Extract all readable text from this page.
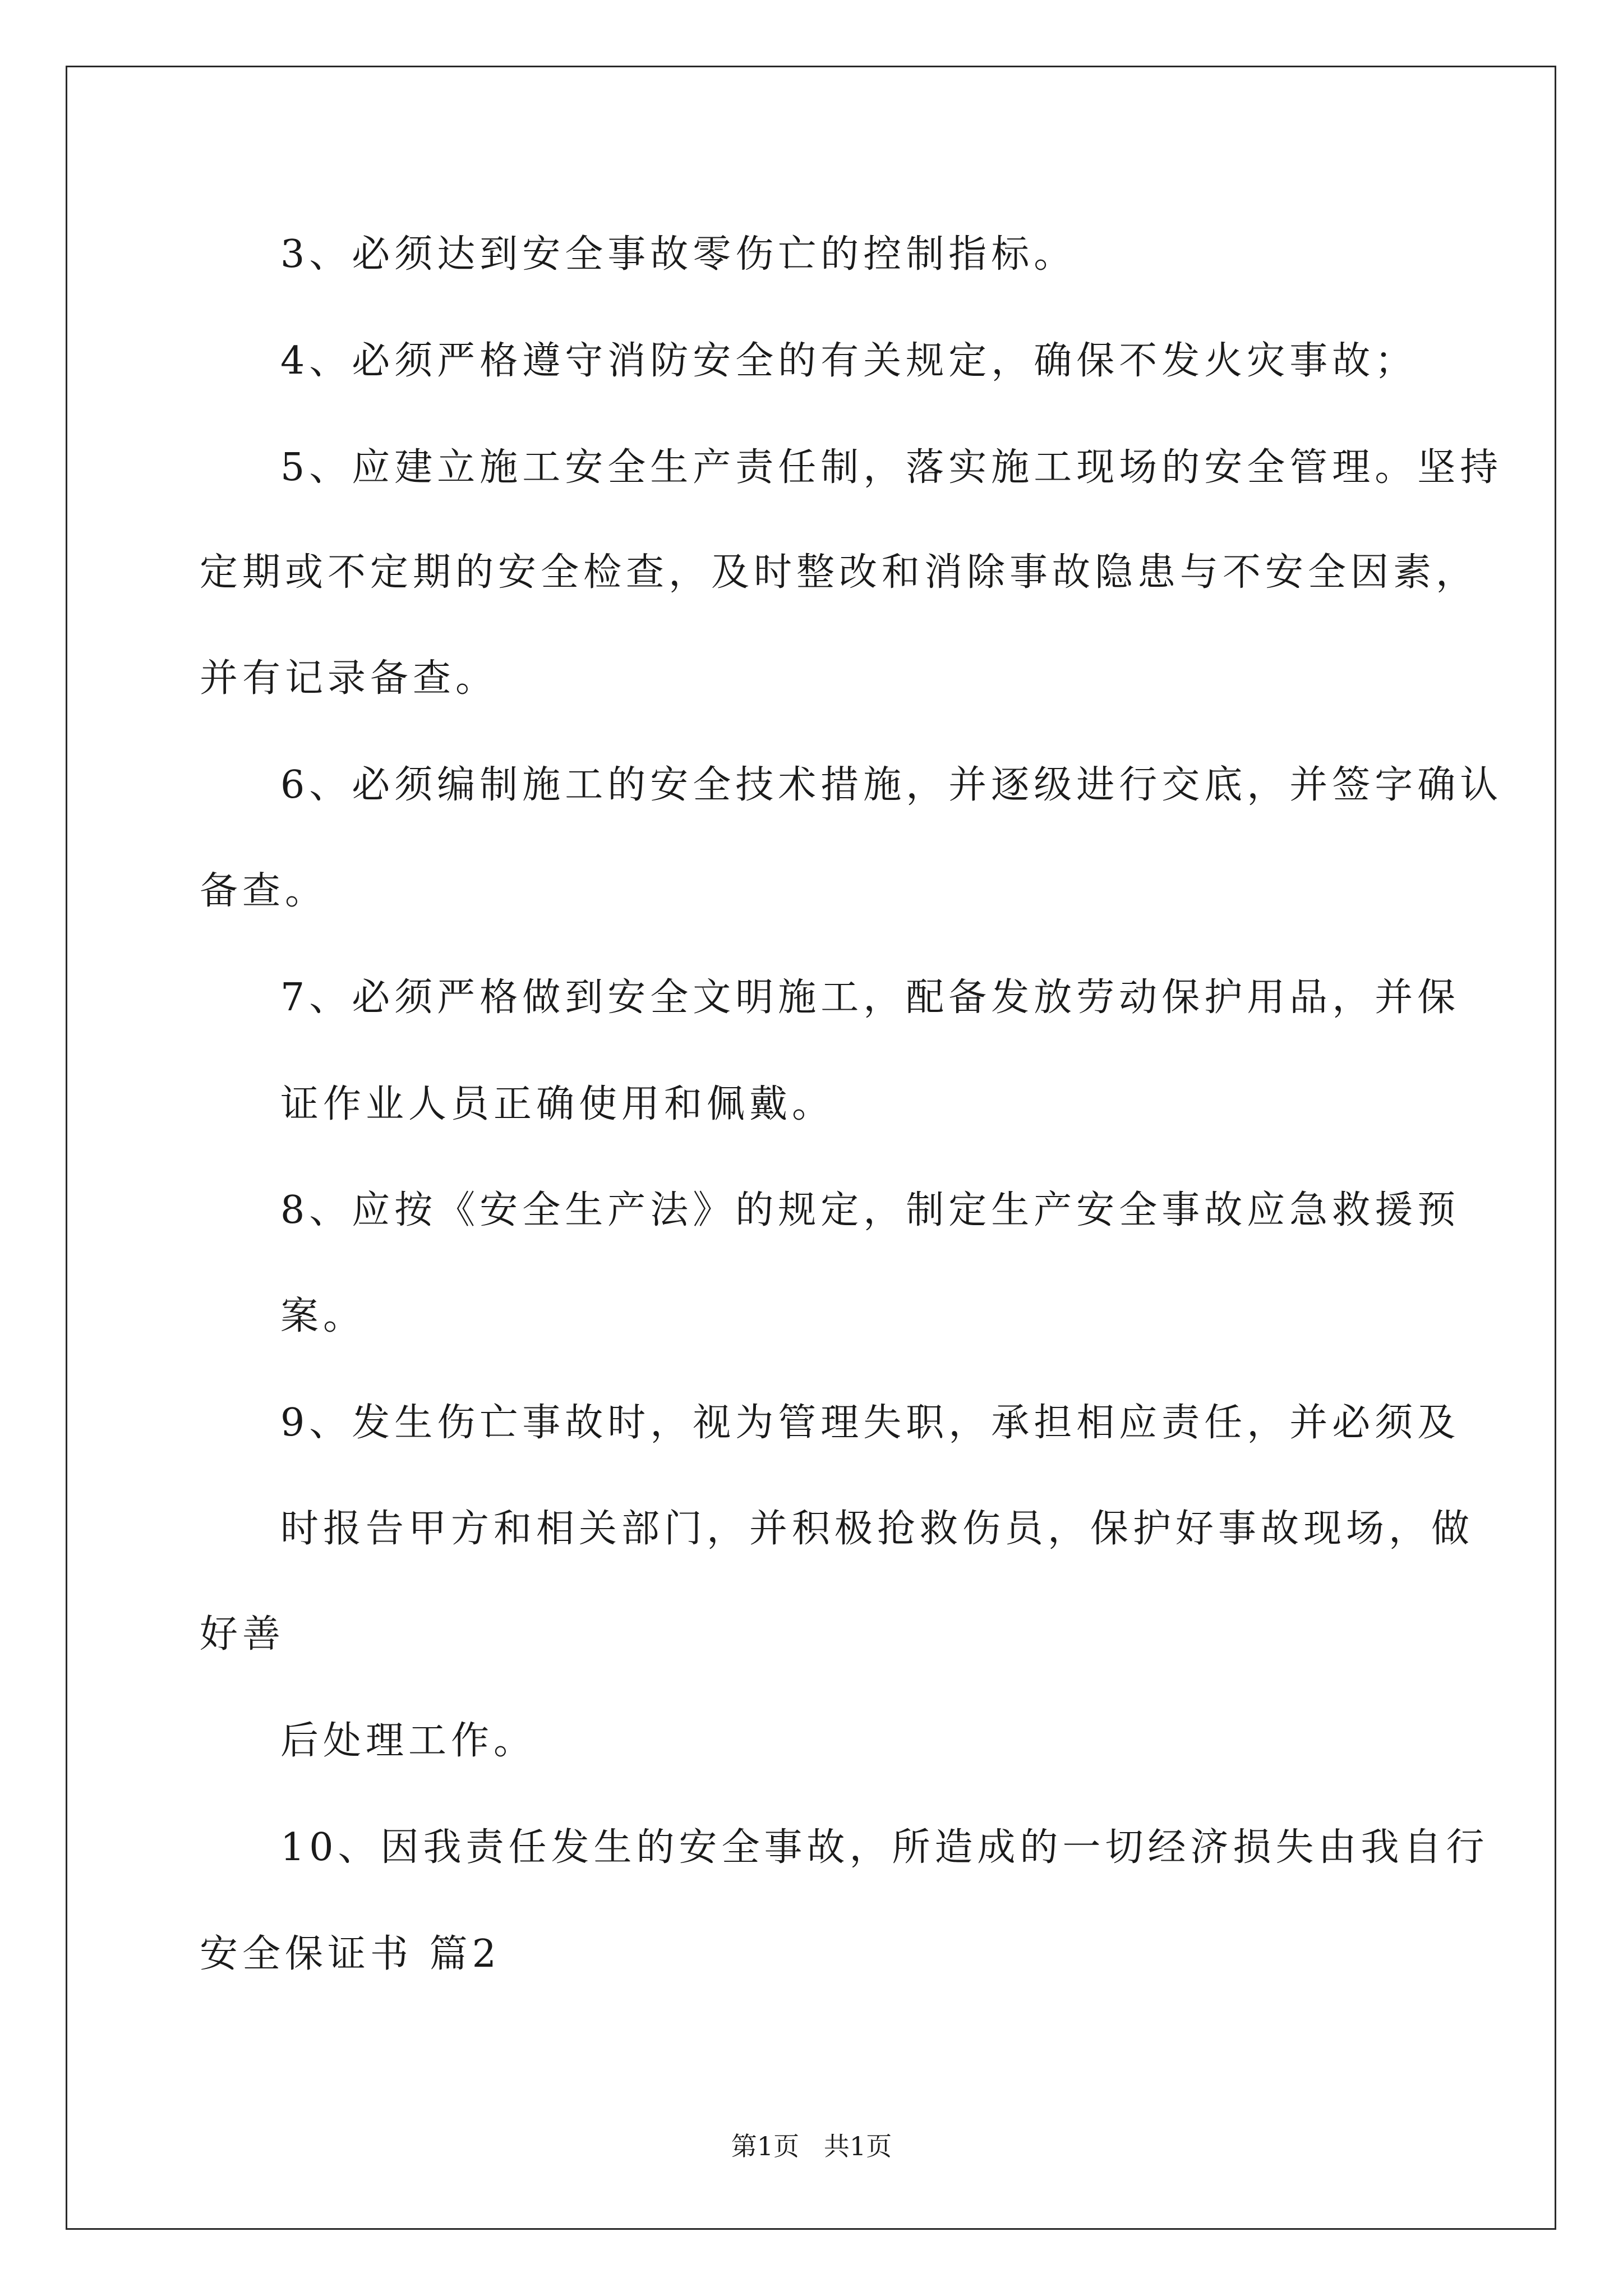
3、必须达到安全事故零伤亡的控制指标。
4、必须严格遵守消防安全的有关规定，确保不发火灾事故；
5、应建立施工安全生产责任制，落实施工现场的安全管理。坚持
定期或不定期的安全检查，及时整改和消除事故隐患与不安全因素，
并有记录备查。
6、必须编制施工的安全技术措施，并逐级进行交底，并签字确认
备查。
7、必须严格做到安全文明施工，配备发放劳动保护用品，并保
证作业人员正确使用和佩戴。
8、应按《安全生产法》的规定，制定生产安全事故应急救援预
案。
9、发生伤亡事故时，视为管理失职，承担相应责任，并必须及
时报告甲方和相关部门，并积极抢救伤员，保护好事故现场，做
好善
后处理工作。
10、因我责任发生的安全事故，所造成的一切经济损失由我自行
安全保证书 篇2
第1页   共1页
